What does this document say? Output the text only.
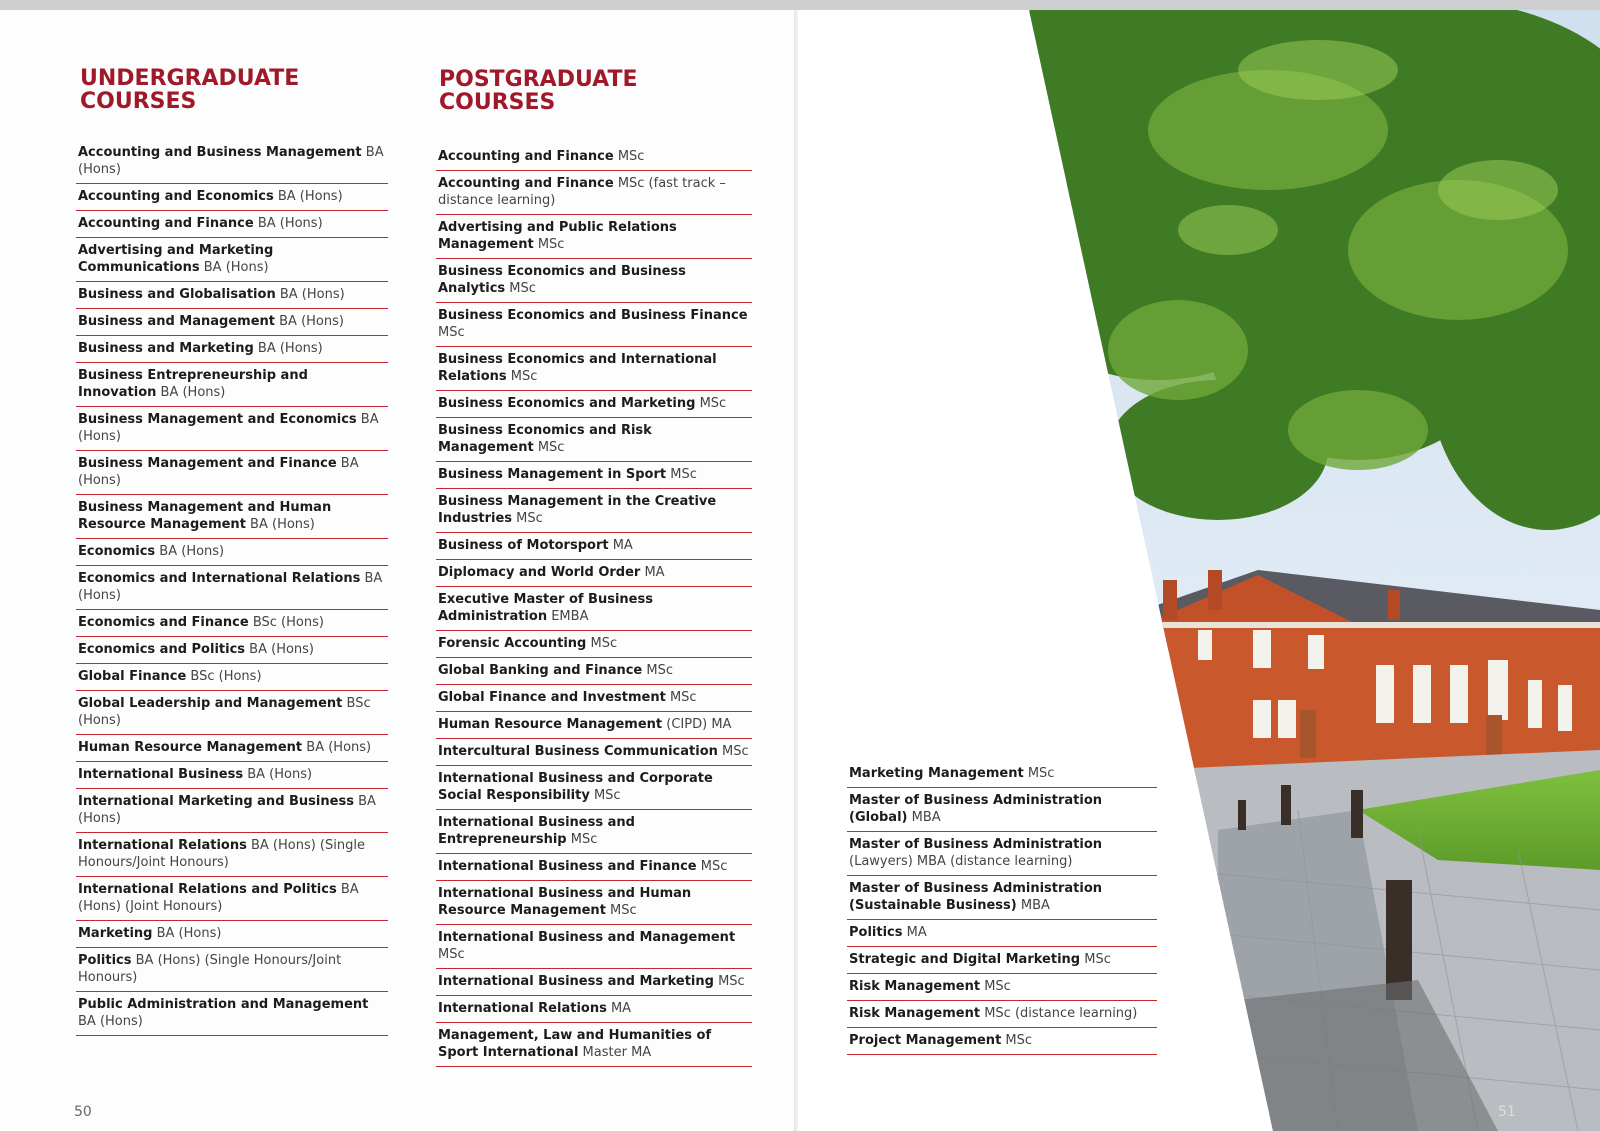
UNDERGRADUATE
COURSES
Accounting and Business Management BA (Hons)
Accounting and Economics BA (Hons)
Accounting and Finance BA (Hons)
Advertising and Marketing Communications BA (Hons)
Business and Globalisation BA (Hons)
Business and Management BA (Hons)
Business and Marketing BA (Hons)
Business Entrepreneurship and Innovation BA (Hons)
Business Management and Economics BA (Hons)
Business Management and Finance BA (Hons)
Business Management and Human Resource Management BA (Hons)
Economics BA (Hons)
Economics and International Relations BA (Hons)
Economics and Finance BSc (Hons)
Economics and Politics BA (Hons)
Global Finance BSc (Hons)
Global Leadership and Management BSc (Hons)
Human Resource Management BA (Hons)
International Business BA (Hons)
International Marketing and Business BA (Hons)
International Relations BA (Hons) (Single Honours/Joint Honours)
International Relations and Politics BA (Hons) (Joint Honours)
Marketing BA (Hons)
Politics BA (Hons) (Single Honours/Joint Honours)
Public Administration and Management BA (Hons)
POSTGRADUATE
COURSES
Accounting and Finance MSc
Accounting and Finance MSc (fast track – distance learning)
Advertising and Public Relations Management MSc
Business Economics and Business Analytics MSc
Business Economics and Business Finance MSc
Business Economics and International Relations MSc
Business Economics and Marketing MSc
Business Economics and Risk Management MSc
Business Management in Sport MSc
Business Management in the Creative Industries MSc
Business of Motorsport MA
Diplomacy and World Order MA
Executive Master of Business Administration EMBA
Forensic Accounting MSc
Global Banking and Finance MSc
Global Finance and Investment MSc
Human Resource Management (CIPD) MA
Intercultural Business Communication MSc
International Business and Corporate Social Responsibility MSc
International Business and Entrepreneurship MSc
International Business and Finance MSc
International Business and Human Resource Management MSc
International Business and Management MSc
International Business and Marketing MSc
International Relations MA
Management, Law and Humanities of Sport International Master MA
50
Marketing Management MSc
Master of Business Administration (Global) MBA
Master of Business Administration (Lawyers) MBA (distance learning)
Master of Business Administration (Sustainable Business) MBA
Politics MA
Strategic and Digital Marketing MSc
Risk Management MSc
Risk Management MSc (distance learning)
Project Management MSc
51
